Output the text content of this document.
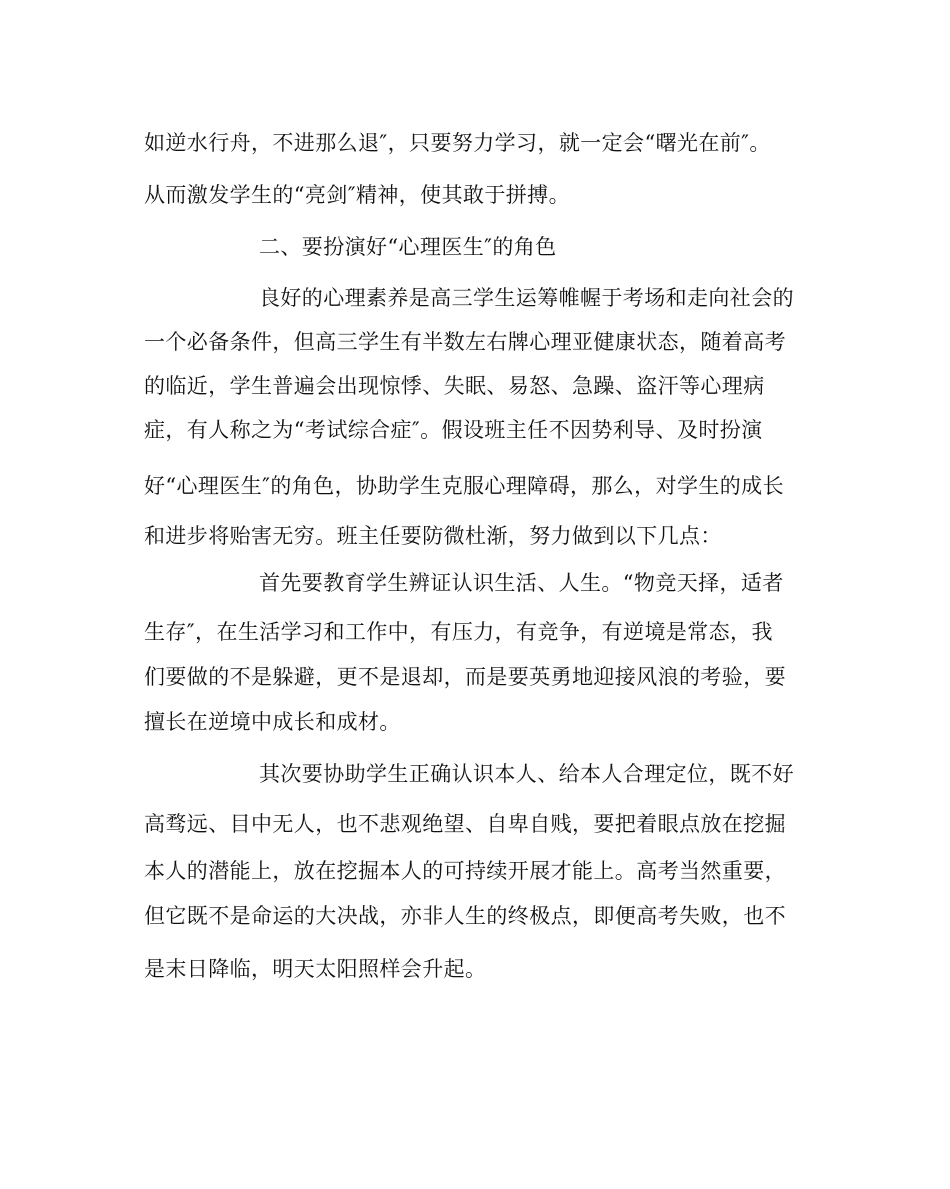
如逆水行舟，不进那么退″，只要努力学习，就一定会“曙光在前″。
从而激发学生的“亮剑″精神，使其敢于拼搏。
二、要扮演好“心理医生″的角色
良好的心理素养是高三学生运筹帷幄于考场和走向社会的
一个必备条件，但高三学生有半数左右牌心理亚健康状态，随着高考
的临近，学生普遍会出现惊悸、失眠、易怒、急躁、盗汗等心理病
症，有人称之为“考试综合症″。假设班主任不因势利导、及时扮演
好“心理医生″的角色，协助学生克服心理障碍，那么，对学生的成长
和进步将贻害无穷。班主任要防微杜渐，努力做到以下几点：
首先要教育学生辨证认识生活、人生。“物竞天择，适者
生存″，在生活学习和工作中，有压力，有竞争，有逆境是常态，我
们要做的不是躲避，更不是退却，而是要英勇地迎接风浪的考验，要
擅长在逆境中成长和成材。
其次要协助学生正确认识本人、给本人合理定位，既不好
高骛远、目中无人，也不悲观绝望、自卑自贱，要把着眼点放在挖掘
本人的潜能上，放在挖掘本人的可持续开展才能上。高考当然重要，
但它既不是命运的大决战，亦非人生的终极点，即便高考失败，也不
是末日降临，明天太阳照样会升起。
